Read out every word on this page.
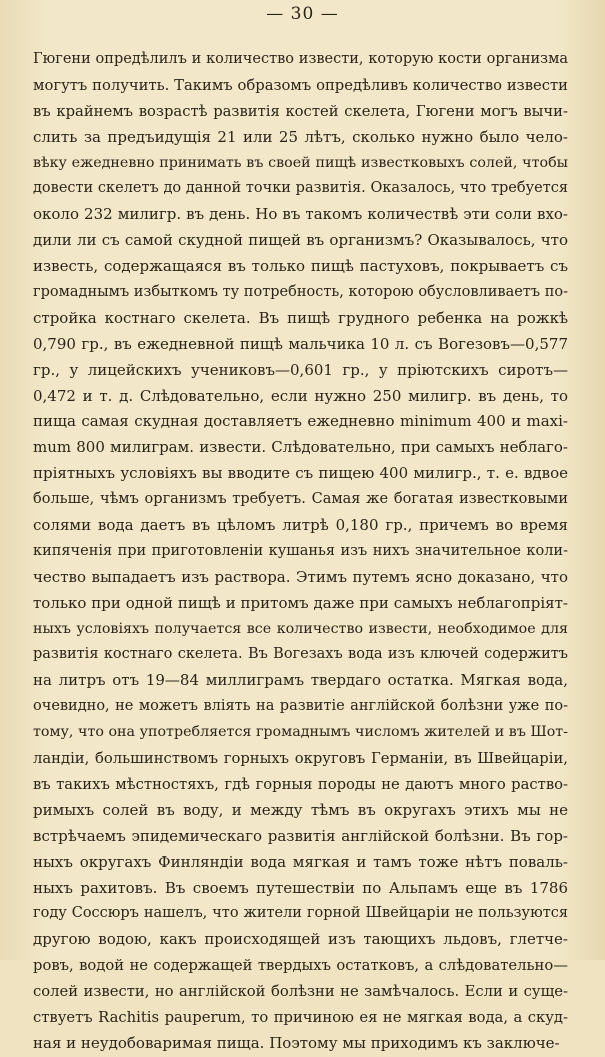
— 30 —
Гюгени опредѣлилъ и количество извести, которую кости организма
могутъ получить. Такимъ образомъ опредѣливъ количество извести
въ крайнемъ возрастѣ развитія костей скелета, Гюгени могъ вычи-
слить за предъидущія 21 или 25 лѣтъ, сколько нужно было чело-
вѣку ежедневно принимать въ своей пищѣ известковыхъ солей, чтобы
довести скелетъ до данной точки развитія. Оказалось, что требуется
около 232 милигр. въ день. Но въ такомъ количествѣ эти соли вхо-
дили ли съ самой скудной пищей въ организмъ? Оказывалось, что
известь, содержащаяся въ только пищѣ пастуховъ, покрываетъ съ
громаднымъ избыткомъ ту потребность, которою обусловливаетъ по-
стройка костнаго скелета. Въ пищѣ грудного ребенка на рожкѣ
0,790 гр., въ ежедневной пищѣ мальчика 10 л. съ Вогезовъ—0,577
гр., у лицейскихъ учениковъ—0,601 гр., у пріютскихъ сиротъ—
0,472 и т. д. Слѣдовательно, если нужно 250 милигр. въ день, то
пища самая скудная доставляетъ ежедневно minimum 400 и maxi-
mum 800 милиграм. извести. Слѣдовательно, при самыхъ неблаго-
пріятныхъ условіяхъ вы вводите съ пищею 400 милигр., т. е. вдвое
больше, чѣмъ организмъ требуетъ. Самая же богатая известковыми
солями вода даетъ въ цѣломъ литрѣ 0,180 гр., причемъ во время
кипяченія при приготовленіи кушанья изъ нихъ значительное коли-
чество выпадаетъ изъ раствора. Этимъ путемъ ясно доказано, что
только при одной пищѣ и притомъ даже при самыхъ неблагопріят-
ныхъ условіяхъ получается все количество извести, необходимое для
развитія костнаго скелета. Въ Вогезахъ вода изъ ключей содержитъ
на литръ отъ 19—84 миллиграмъ твердаго остатка. Мягкая вода,
очевидно, не можетъ вліять на развитіе англійской болѣзни уже по-
тому, что она употребляется громаднымъ числомъ жителей и въ Шот-
ландіи, большинствомъ горныхъ округовъ Германіи, въ Швейцаріи,
въ такихъ мѣстностяхъ, гдѣ горныя породы не даютъ много раство-
римыхъ солей въ воду, и между тѣмъ въ округахъ этихъ мы не
встрѣчаемъ эпидемическаго развитія англійской болѣзни. Въ гор-
ныхъ округахъ Финляндіи вода мягкая и тамъ тоже нѣтъ поваль-
ныхъ рахитовъ. Въ своемъ путешествіи по Альпамъ еще въ 1786
году Соссюръ нашелъ, что жители горной Швейцаріи не пользуются
другою водою, какъ происходящей изъ тающихъ льдовъ, глетче-
ровъ, водой не содержащей твердыхъ остатковъ, а слѣдовательно—
солей извести, но англійской болѣзни не замѣчалось. Если и суще-
ствуетъ Rachitis pauperum, то причиною ея не мягкая вода, а скуд-
ная и неудобоваримая пища. Поэтому мы приходимъ къ заключе-
